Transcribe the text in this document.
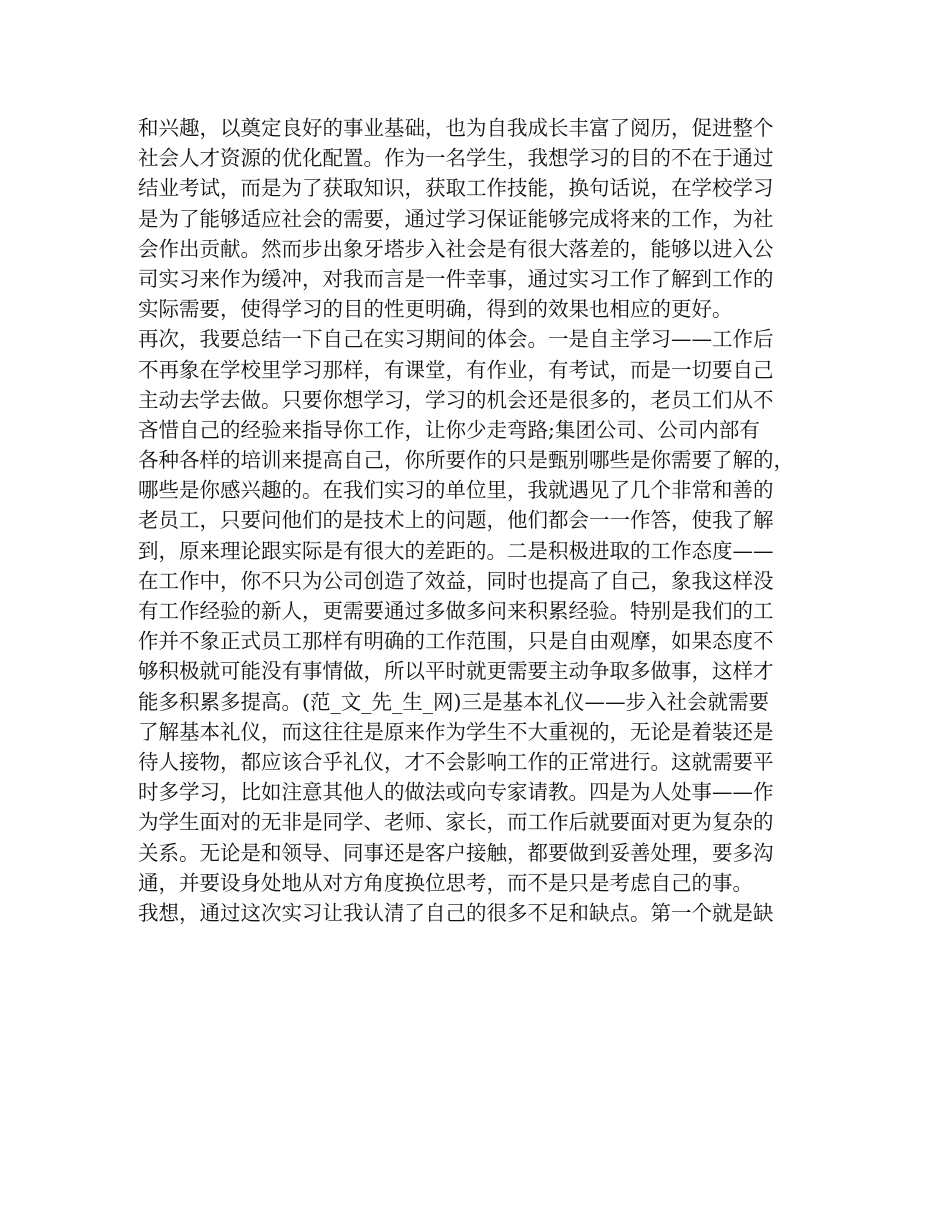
和兴趣，以奠定良好的事业基础，也为自我成长丰富了阅历，促进整个
社会人才资源的优化配置。作为一名学生，我想学习的目的不在于通过
结业考试，而是为了获取知识，获取工作技能，换句话说，在学校学习
是为了能够适应社会的需要，通过学习保证能够完成将来的工作，为社
会作出贡献。然而步出象牙塔步入社会是有很大落差的，能够以进入公
司实习来作为缓冲，对我而言是一件幸事，通过实习工作了解到工作的
实际需要，使得学习的目的性更明确，得到的效果也相应的更好。
再次，我要总结一下自己在实习期间的体会。一是自主学习——工作后
不再象在学校里学习那样，有课堂，有作业，有考试，而是一切要自己
主动去学去做。只要你想学习，学习的机会还是很多的，老员工们从不
吝惜自己的经验来指导你工作，让你少走弯路;集团公司、公司内部有
各种各样的培训来提高自己，你所要作的只是甄别哪些是你需要了解的，
哪些是你感兴趣的。在我们实习的单位里，我就遇见了几个非常和善的
老员工，只要问他们的是技术上的问题，他们都会一一作答，使我了解
到，原来理论跟实际是有很大的差距的。二是积极进取的工作态度——
在工作中，你不只为公司创造了效益，同时也提高了自己，象我这样没
有工作经验的新人，更需要通过多做多问来积累经验。特别是我们的工
作并不象正式员工那样有明确的工作范围，只是自由观摩，如果态度不
够积极就可能没有事情做，所以平时就更需要主动争取多做事，这样才
能多积累多提高。(范_文_先_生_网)三是基本礼仪——步入社会就需要
了解基本礼仪，而这往往是原来作为学生不大重视的，无论是着装还是
待人接物，都应该合乎礼仪，才不会影响工作的正常进行。这就需要平
时多学习，比如注意其他人的做法或向专家请教。四是为人处事——作
为学生面对的无非是同学、老师、家长，而工作后就要面对更为复杂的
关系。无论是和领导、同事还是客户接触，都要做到妥善处理，要多沟
通，并要设身处地从对方角度换位思考，而不是只是考虑自己的事。
我想，通过这次实习让我认清了自己的很多不足和缺点。第一个就是缺
